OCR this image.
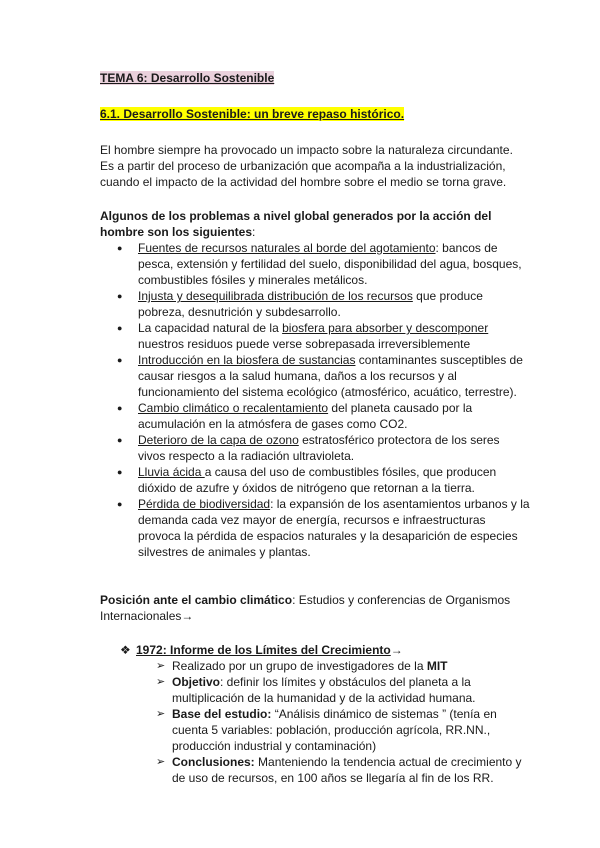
TEMA 6: Desarrollo Sostenible
6.1. Desarrollo Sostenible: un breve repaso histórico.

El hombre siempre ha provocado un impacto sobre la naturaleza circundante. Es a partir del proceso de urbanización que acompaña a la industrialización, cuando el impacto de la actividad del hombre sobre el medio se torna grave.

Algunos de los problemas a nivel global generados por la acción del hombre son los siguientes:

● Fuentes de recursos naturales al borde del agotamiento: bancos de pesca, extensión y fertilidad del suelo, disponibilidad del agua, bosques, combustibles fósiles y minerales metálicos.
● Injusta y desequilibrada distribución de los recursos que produce pobreza, desnutrición y subdesarrollo.
● La capacidad natural de la biosfera para absorber y descomponer nuestros residuos puede verse sobrepasada irreversiblemente
● Introducción en la biosfera de sustancias contaminantes susceptibles de causar riesgos a la salud humana, daños a los recursos y al funcionamiento del sistema ecológico (atmosférico, acuático, terrestre).
● Cambio climático o recalentamiento del planeta causado por la acumulación en la atmósfera de gases como CO2.
● Deterioro de la capa de ozono estratosférico protectora de los seres vivos respecto a la radiación ultravioleta.
● Lluvia ácida a causa del uso de combustibles fósiles, que producen dióxido de azufre y óxidos de nitrógeno que retornan a la tierra.
● Pérdida de biodiversidad: la expansión de los asentamientos urbanos y la demanda cada vez mayor de energía, recursos e infraestructuras provoca la pérdida de espacios naturales y la desaparición de especies silvestres de animales y plantas.

Posición ante el cambio climático: Estudios y conferencias de Organismos Internacionales→

❖ 1972: Informe de los Límites del Crecimiento→
➢ Realizado por un grupo de investigadores de la MIT
➢ Objetivo: definir los límites y obstáculos del planeta a la multiplicación de la humanidad y de la actividad humana.
➢ Base del estudio: “Análisis dinámico de sistemas ” (tenía en cuenta 5 variables: población, producción agrícola, RR.NN., producción industrial y contaminación)
➢ Conclusiones: Manteniendo la tendencia actual de crecimiento y de uso de recursos, en 100 años se llegaría al fin de los RR.
